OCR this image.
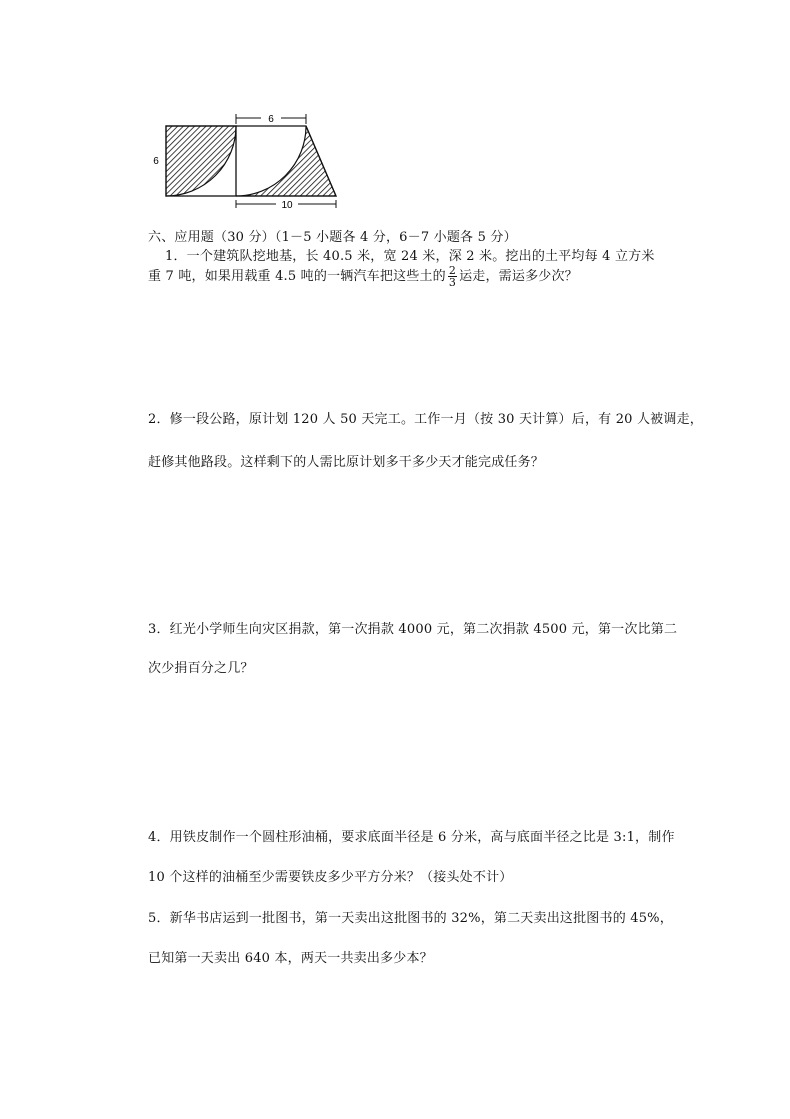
6
10
6
六、应用题（30 分）（1－5 小题各 4 分，6－7 小题各 5 分）
1．一个建筑队挖地基，长 40.5 米，宽 24 米，深 2 米。挖出的土平均每 4 立方米
重 7 吨，如果用载重 4.5 吨的一辆汽车把这些土的 $\frac{2}{3}$ 运走，需运多少次？
2．修一段公路，原计划 120 人 50 天完工。工作一月（按 30 天计算）后，有 20 人被调走，
赶修其他路段。这样剩下的人需比原计划多干多少天才能完成任务？
3．红光小学师生向灾区捐款，第一次捐款 4000 元，第二次捐款 4500 元，第一次比第二
次少捐百分之几？
4．用铁皮制作一个圆柱形油桶，要求底面半径是 6 分米，高与底面半径之比是 3:1，制作
10 个这样的油桶至少需要铁皮多少平方分米？（接头处不计）
5．新华书店运到一批图书，第一天卖出这批图书的 32%，第二天卖出这批图书的 45%，
已知第一天卖出 640 本，两天一共卖出多少本？
